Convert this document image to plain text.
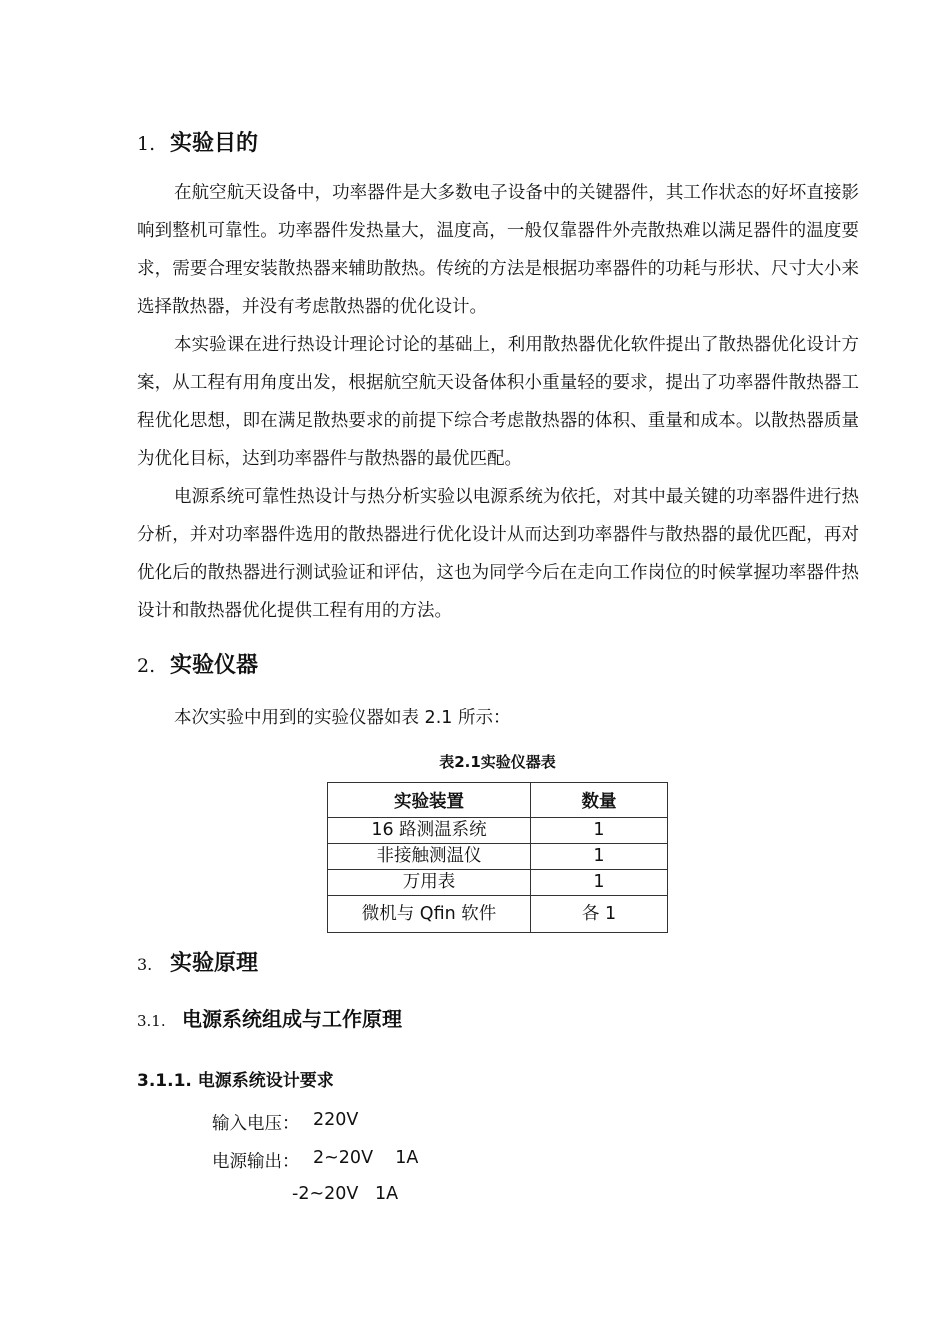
1. 实验目的

在航空航天设备中，功率器件是大多数电子设备中的关键器件，其工作状态的好坏直接影响到整机可靠性。功率器件发热量大，温度高，一般仅靠器件外壳散热难以满足器件的温度要求，需要合理安装散热器来辅助散热。传统的方法是根据功率器件的功耗与形状、尺寸大小来选择散热器，并没有考虑散热器的优化设计。

本实验课在进行热设计理论讨论的基础上，利用散热器优化软件提出了散热器优化设计方案，从工程有用角度出发，根据航空航天设备体积小重量轻的要求，提出了功率器件散热器工程优化思想，即在满足散热要求的前提下综合考虑散热器的体积、重量和成本。以散热器质量为优化目标，达到功率器件与散热器的最优匹配。

电源系统可靠性热设计与热分析实验以电源系统为依托，对其中最关键的功率器件进行热分析，并对功率器件选用的散热器进行优化设计从而达到功率器件与散热器的最优匹配，再对优化后的散热器进行测试验证和评估，这也为同学今后在走向工作岗位的时候掌握功率器件热设计和散热器优化提供工程有用的方法。

2. 实验仪器
本次实验中用到的实验仪器如表 2.1 所示：
表2.1实验仪器表
实验装置	数量
16 路测温系统	1
非接触测温仪	1
万用表	1
微机与 Qfin 软件	各 1
3. 实验原理
3.1. 电源系统组成与工作原理
3.1.1. 电源系统设计要求
输入电压： 220V
电源输出： 2~20V    1A
-2~20V   1A
